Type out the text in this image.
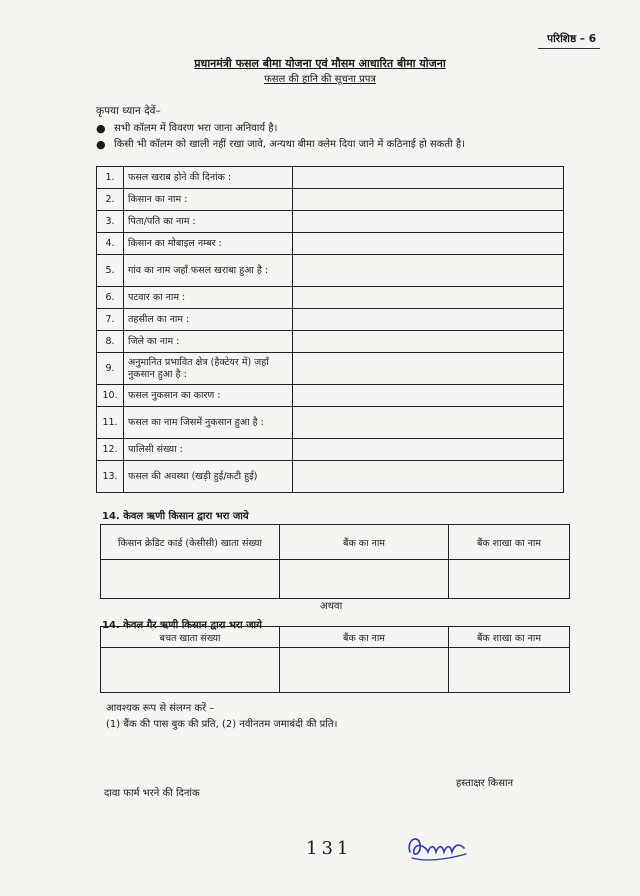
परिशिष्ठ – 6
प्रधानमंत्री फसल बीमा योजना एवं मौसम आधारित बीमा योजना
फसल की हानि की सूचना प्रपत्र
कृपया ध्यान देवें–
● सभी कॉलम में विवरण भरा जाना अनिवार्य है।
● किसी भी कॉलम को खाली नहीं रखा जावे, अन्यथा बीमा क्लेम दिया जाने में कठिनाई हो सकती है।
1.	फसल खराब होने की दिनांक :	
2.	किसान का नाम :	
3.	पिता/पति का नाम :	
4.	किसान का मोबाइल नम्बर :	
5.	गांव का नाम जहाँ फसल खराबा हुआ है :	
6.	पटवार का नाम :	
7.	तहसील का नाम :	
8.	जिले का नाम :	
9.	अनुमानित प्रभावित क्षेत्र (हैक्टेयर में) जहाँ नुकसान हुआ है :	
10.	फसल नुकसान का कारण :	
11.	फसल का नाम जिसमें नुकसान हुआ है :	
12.	पालिसी संख्या :	
13.	फसल की अवस्था (खड़ी हुई/कटी हुई)	
14. केवल ऋणी किसान द्वारा भरा जाये
किसान क्रेडिट कार्ड (केसीसी) खाता संख्या	बैंक का नाम	बैंक शाखा का नाम

अथवा
14. केवल गैर ऋणी किसान द्वारा भरा जाये
बचत खाता संख्या	बैंक का नाम	बैंक शाखा का नाम

आवश्यक रूप से संलग्न करें –
(1) बैंक की पास बुक की प्रति, (2) नवीनतम जमाबंदी की प्रति।
दावा फार्म भरने की दिनांक
हस्ताक्षर किसान
131
